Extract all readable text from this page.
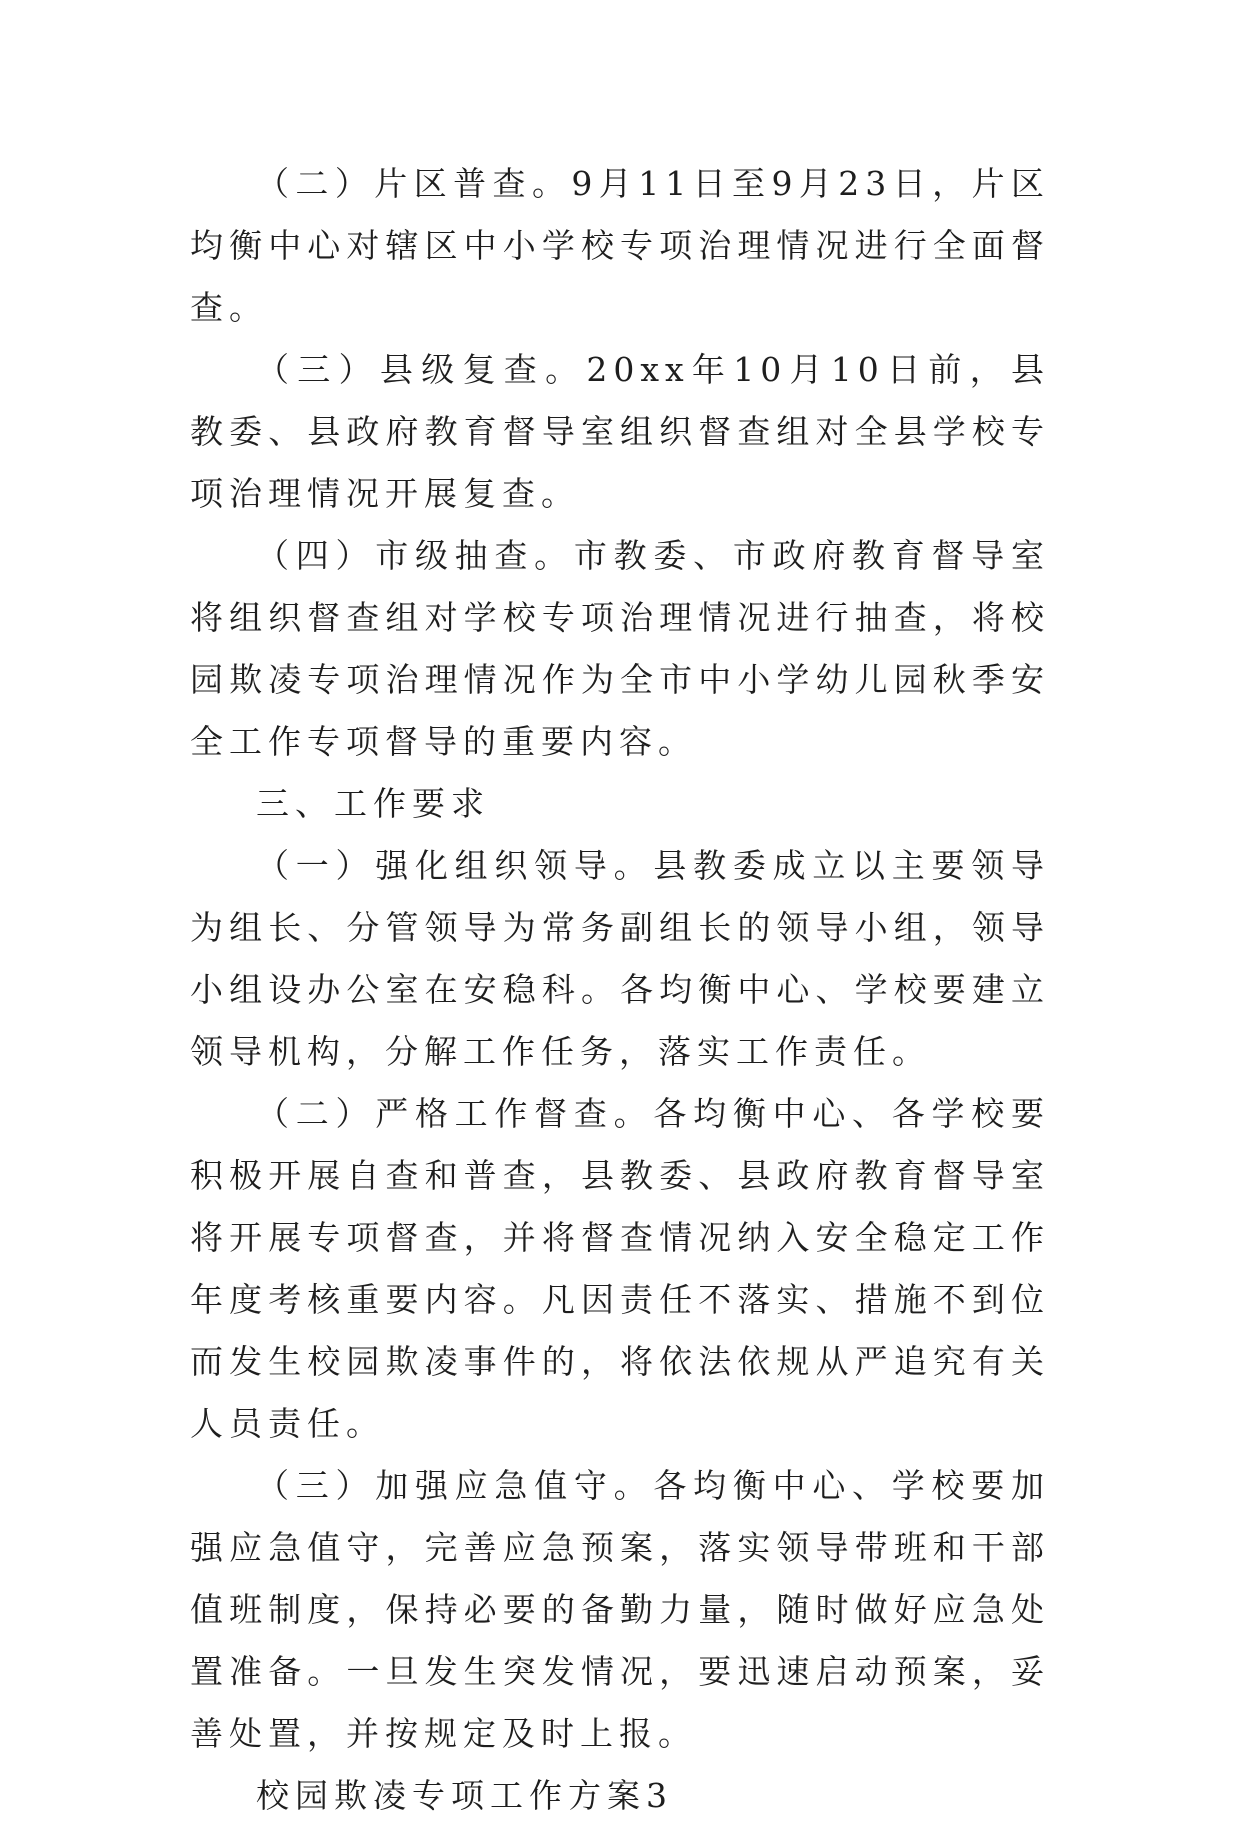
（二）片区普查。9月11日至9月23日，片区均衡中心对辖区中小学校专项治理情况进行全面督查。

（三）县级复查。20xx年10月10日前，县教委、县政府教育督导室组织督查组对全县学校专项治理情况开展复查。

（四）市级抽查。市教委、市政府教育督导室将组织督查组对学校专项治理情况进行抽查，将校园欺凌专项治理情况作为全市中小学幼儿园秋季安全工作专项督导的重要内容。

三、工作要求

（一）强化组织领导。县教委成立以主要领导为组长、分管领导为常务副组长的领导小组，领导小组设办公室在安稳科。各均衡中心、学校要建立领导机构，分解工作任务，落实工作责任。

（二）严格工作督查。各均衡中心、各学校要积极开展自查和普查，县教委、县政府教育督导室将开展专项督查，并将督查情况纳入安全稳定工作年度考核重要内容。凡因责任不落实、措施不到位而发生校园欺凌事件的，将依法依规从严追究有关人员责任。

（三）加强应急值守。各均衡中心、学校要加强应急值守，完善应急预案，落实领导带班和干部值班制度，保持必要的备勤力量，随时做好应急处置准备。一旦发生突发情况，要迅速启动预案，妥善处置，并按规定及时上报。

校园欺凌专项工作方案3
